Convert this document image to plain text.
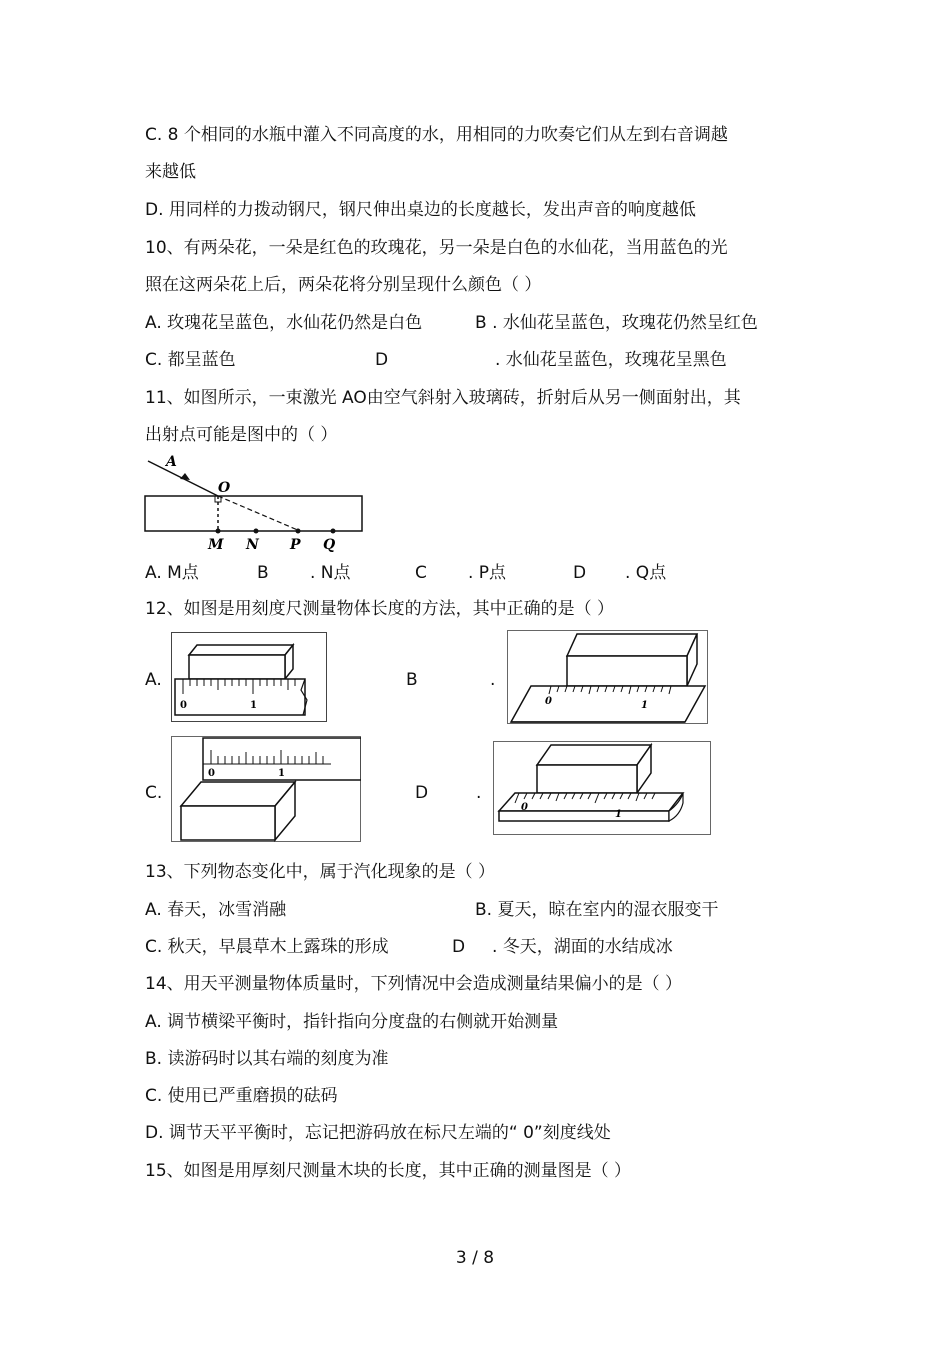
C. 8 个相同的水瓶中灌入不同高度的水，用相同的力吹奏它们从左到右音调越
来越低
D. 用同样的力拨动钢尺，钢尺伸出桌边的长度越长，发出声音的响度越低
10、有两朵花，一朵是红色的玫瑰花，另一朵是白色的水仙花，当用蓝色的光
照在这两朵花上后，两朵花将分别呈现什么颜色（ ）
A. 玫瑰花呈蓝色，水仙花仍然是白色	B . 水仙花呈蓝色，玫瑰花仍然呈红色
C. 都呈蓝色	D	. 水仙花呈蓝色，玫瑰花呈黑色
11、如图所示，一束激光 AO由空气斜射入玻璃砖，折射后从另一侧面射出，其
出射点可能是图中的（ ）
A
O
M N P Q
A. M点	B . N点	C . P点	D . Q点
12、如图是用刻度尺测量物体长度的方法，其中正确的是（ ）
A.	B	.
C.	D	.
0	1	0	1
0	1
0
1
13、下列物态变化中，属于汽化现象的是（ ）
A. 春天，冰雪消融	B. 夏天，晾在室内的湿衣服变干
C. 秋天，早晨草木上露珠的形成	D . 冬天，湖面的水结成冰
14、用天平测量物体质量时，下列情况中会造成测量结果偏小的是（ ）
A. 调节横梁平衡时，指针指向分度盘的右侧就开始测量
B. 读游码时以其右端的刻度为准
C. 使用已严重磨损的砝码
D. 调节天平平衡时，忘记把游码放在标尺左端的“ 0”刻度线处
15、如图是用厚刻尺测量木块的长度，其中正确的测量图是（ ）
3 / 8
